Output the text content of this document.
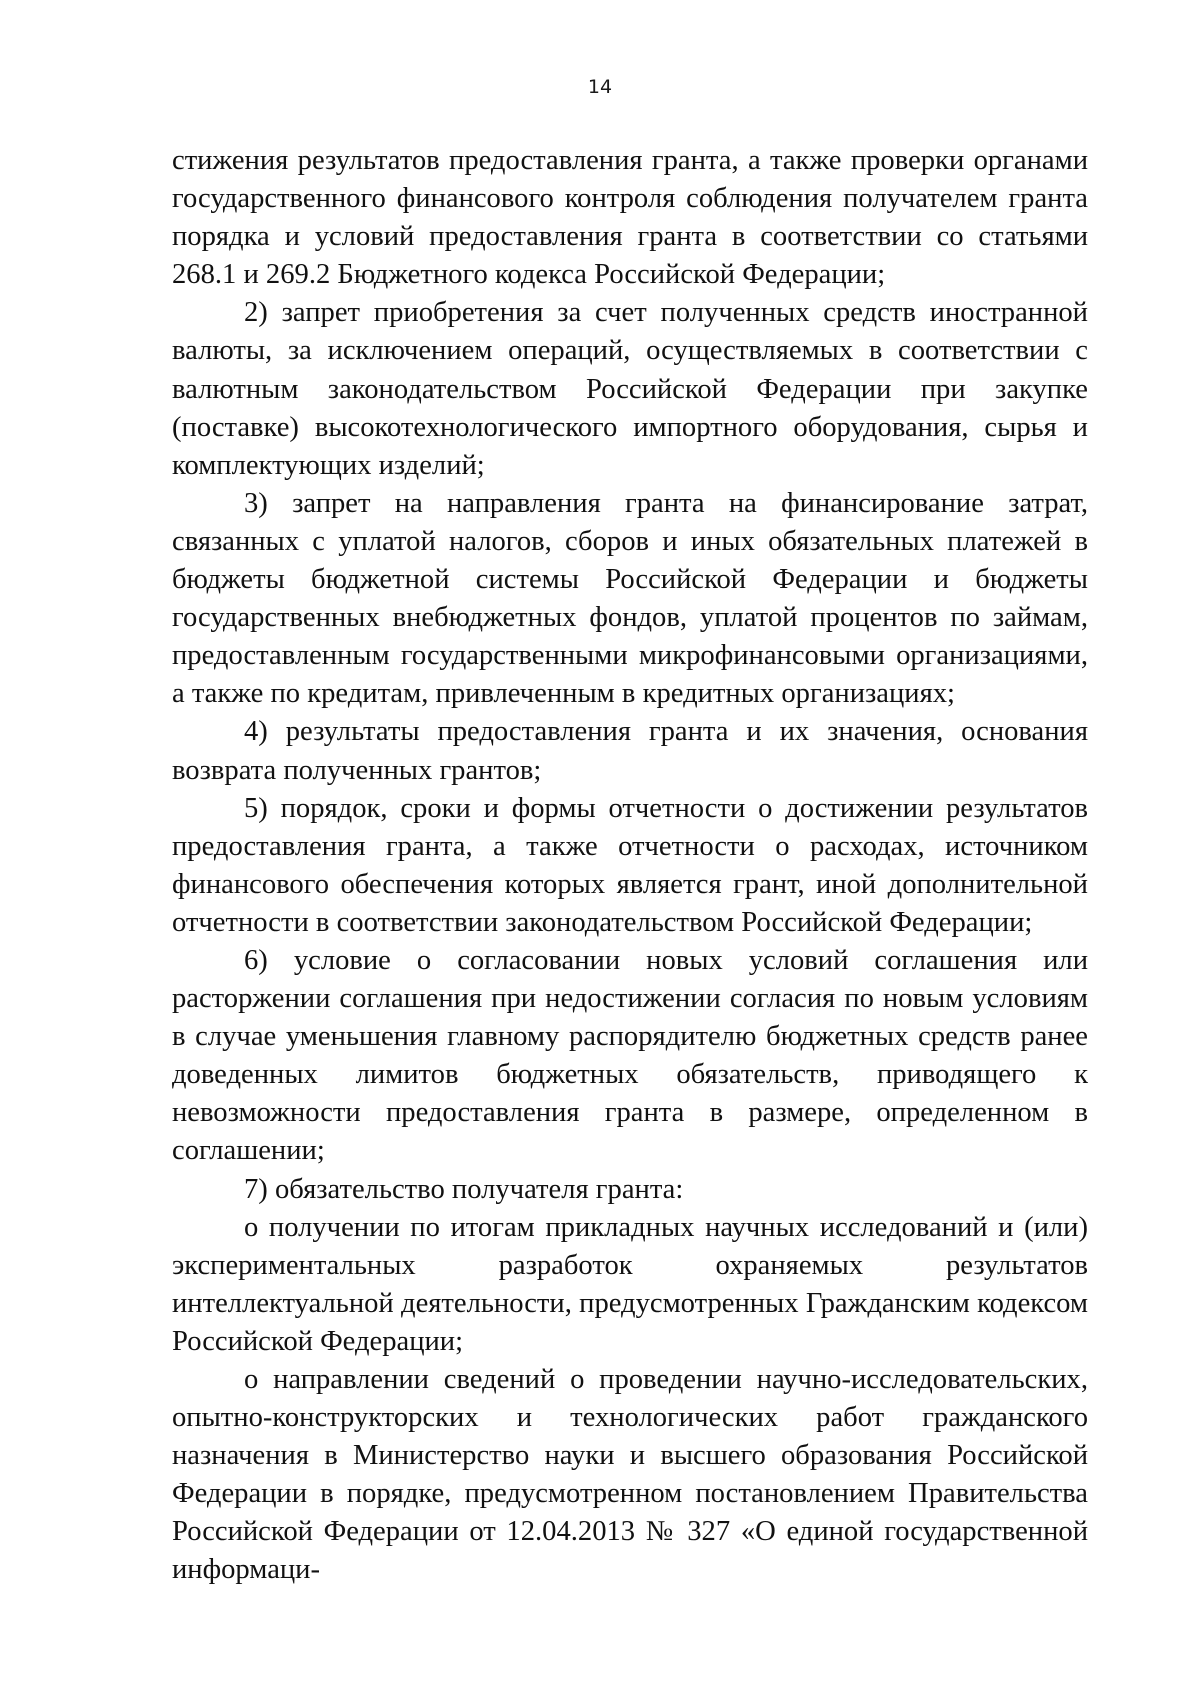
14

стижения результатов предоставления гранта, а также проверки органами государственного финансового контроля соблюдения получателем гранта порядка и условий предоставления гранта в соответствии со статьями 268.1 и 269.2 Бюджетного кодекса Российской Федерации;

2) запрет приобретения за счет полученных средств иностранной валюты, за исключением операций, осуществляемых в соответствии с валютным законодательством Российской Федерации при закупке (поставке) высокотехнологического импортного оборудования, сырья и комплектующих изделий;

3) запрет на направления гранта на финансирование затрат, связанных с уплатой налогов, сборов и иных обязательных платежей в бюджеты бюджетной системы Российской Федерации и бюджеты государственных внебюджетных фондов, уплатой процентов по займам, предоставленным государственными микрофинансовыми организациями, а также по кредитам, привлеченным в кредитных организациях;

4) результаты предоставления гранта и их значения, основания возврата полученных грантов;

5) порядок, сроки и формы отчетности о достижении результатов предоставления гранта, а также отчетности о расходах, источником финансового обеспечения которых является грант, иной дополнительной отчетности в соответствии законодательством Российской Федерации;

6) условие о согласовании новых условий соглашения или расторжении соглашения при недостижении согласия по новым условиям в случае уменьшения главному распорядителю бюджетных средств ранее доведенных лимитов бюджетных обязательств, приводящего к невозможности предоставления гранта в размере, определенном в соглашении;

7) обязательство получателя гранта:

о получении по итогам прикладных научных исследований и (или) экспериментальных разработок охраняемых результатов интеллектуальной деятельности, предусмотренных Гражданским кодексом Российской Федерации;

о направлении сведений о проведении научно-исследовательских, опытно-конструкторских и технологических работ гражданского назначения в Министерство науки и высшего образования Российской Федерации в порядке, предусмотренном постановлением Правительства Российской Федерации от 12.04.2013 № 327 «О единой государственной информаци-
